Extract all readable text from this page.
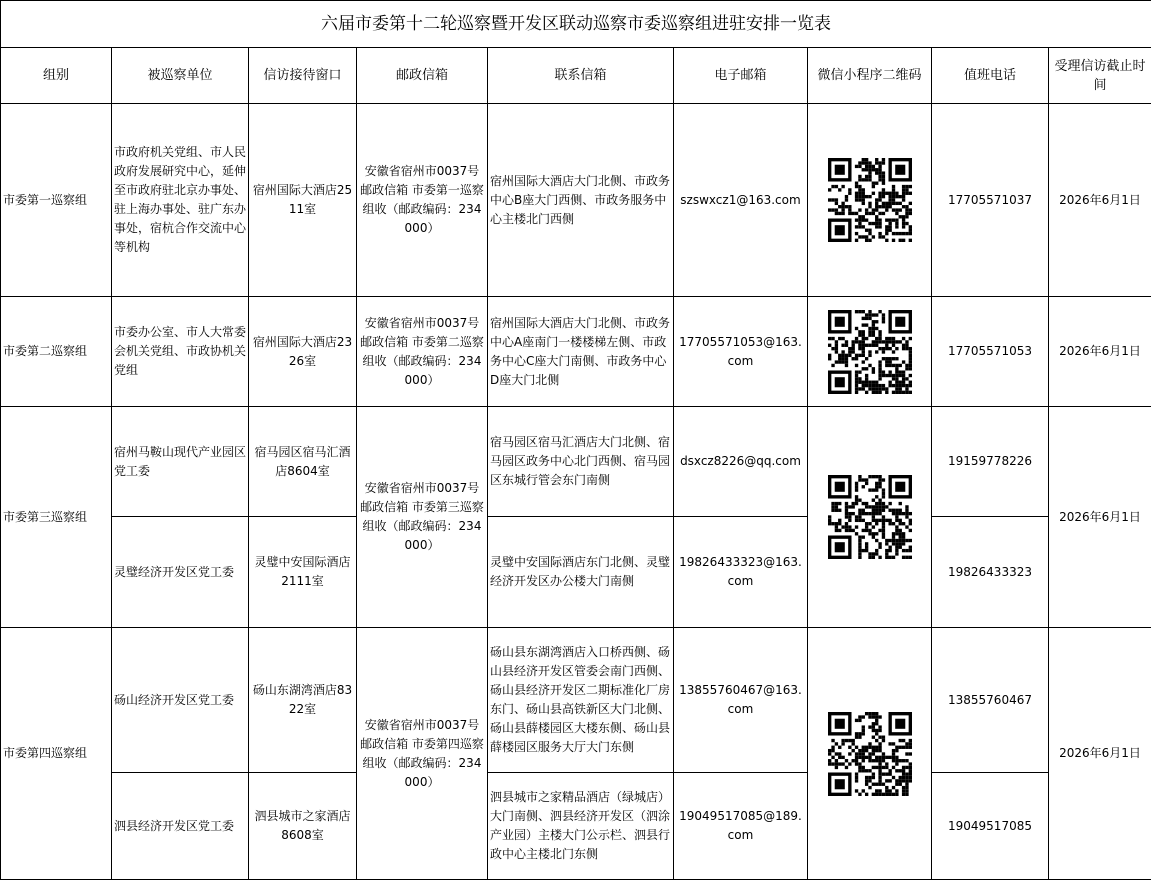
六届市委第十二轮巡察暨开发区联动巡察市委巡察组进驻安排一览表								
组别	被巡察单位	信访接待窗口	邮政信箱	联系信箱	电子邮箱	微信小程序二维码	值班电话	受理信访截止时间
市委第一巡察组	市政府机关党组、市人民政府发展研究中心，延伸至市政府驻北京办事处、驻上海办事处、驻广东办事处，宿杭合作交流中心等机构	宿州国际大酒店2511室	安徽省宿州市0037号邮政信箱 市委第一巡察组收（邮政编码：234000）	宿州国际大酒店大门北侧、市政务中心B座大门西侧、市政务服务中心主楼北门西侧	szswxcz1@163.com		17705571037	2026年6月1日
市委第二巡察组	市委办公室、市人大常委会机关党组、市政协机关党组	宿州国际大酒店2326室	安徽省宿州市0037号邮政信箱 市委第二巡察组收（邮政编码：234000）	宿州国际大酒店大门北侧、市政务中心A座南门一楼楼梯左侧、市政务中心C座大门南侧、市政务中心D座大门北侧	17705571053@163.com		17705571053	2026年6月1日
市委第三巡察组	宿州马鞍山现代产业园区党工委	宿马园区宿马汇酒店8604室	安徽省宿州市0037号邮政信箱 市委第三巡察组收（邮政编码：234000）	宿马园区宿马汇酒店大门北侧、宿马园区政务中心北门西侧、宿马园区东城行管会东门南侧	dsxcz8226@qq.com		19159778226	2026年6月1日
	灵璧经济开发区党工委	灵璧中安国际酒店2111室		灵璧中安国际酒店东门北侧、灵璧经济开发区办公楼大门南侧	19826433323@163.com		19826433323	
市委第四巡察组	砀山经济开发区党工委	砀山东湖湾酒店8322室	安徽省宿州市0037号邮政信箱 市委第四巡察组收（邮政编码：234000）	砀山县东湖湾酒店入口桥西侧、砀山县经济开发区管委会南门西侧、砀山县经济开发区二期标准化厂房东门、砀山县高铁新区大门北侧、砀山县薛楼园区大楼东侧、砀山县薛楼园区服务大厅大门东侧	13855760467@163.com		13855760467	2026年6月1日
	泗县经济开发区党工委	泗县城市之家酒店8608室		泗县城市之家精品酒店（绿城店）大门南侧、泗县经济开发区（泗涂产业园）主楼大门公示栏、泗县行政中心主楼北门东侧	19049517085@189.com		19049517085	
